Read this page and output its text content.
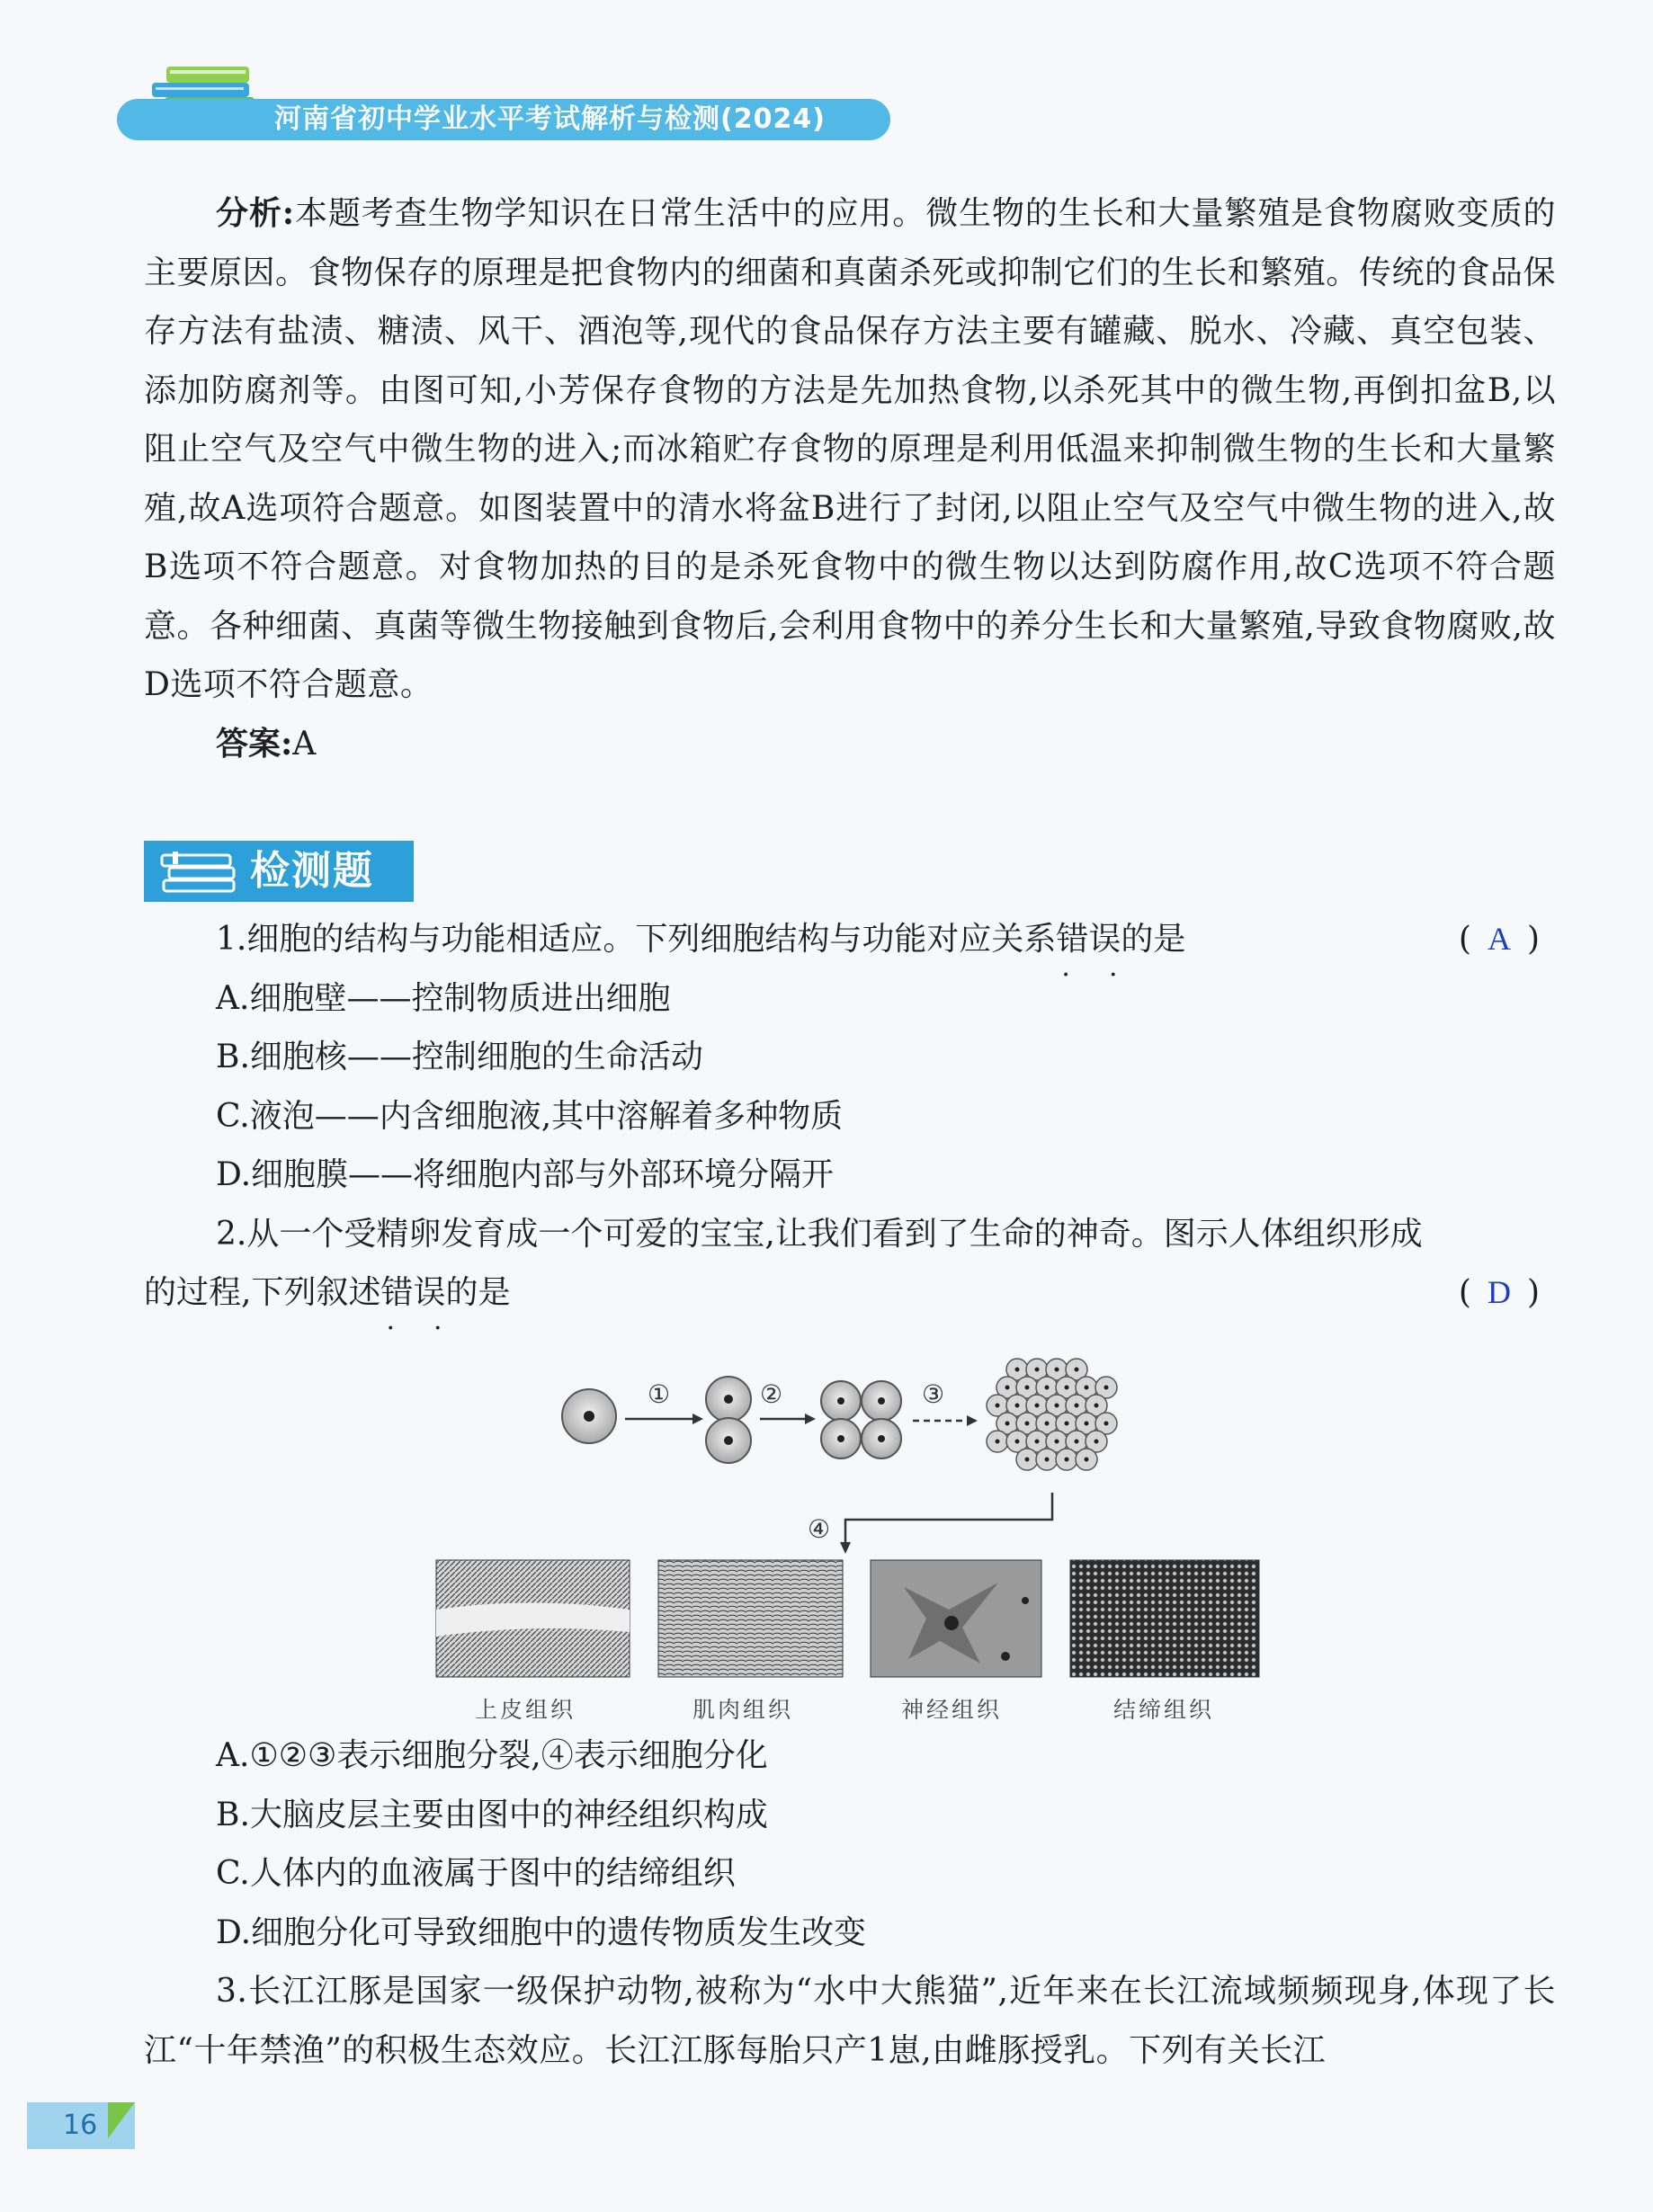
河南省初中学业水平考试解析与检测(2024)

分析:本题考查生物学知识在日常生活中的应用。微生物的生长和大量繁殖是食物腐败变质的主要原因。食物保存的原理是把食物内的细菌和真菌杀死或抑制它们的生长和繁殖。传统的食品保存方法有盐渍、糖渍、风干、酒泡等,现代的食品保存方法主要有罐藏、脱水、冷藏、真空包装、添加防腐剂等。由图可知,小芳保存食物的方法是先加热食物,以杀死其中的微生物,再倒扣盆B,以阻止空气及空气中微生物的进入;而冰箱贮存食物的原理是利用低温来抑制微生物的生长和大量繁殖,故A选项符合题意。如图装置中的清水将盆B进行了封闭,以阻止空气及空气中微生物的进入,故B选项不符合题意。对食物加热的目的是杀死食物中的微生物以达到防腐作用,故C选项不符合题意。各种细菌、真菌等微生物接触到食物后,会利用食物中的养分生长和大量繁殖,导致食物腐败,故D选项不符合题意。

答案:A
检测题
1.细胞的结构与功能相适应。下列细胞结构与功能对应关系错误 ·  ·的是	(A)
A.细胞壁——控制物质进出细胞
B.细胞核——控制细胞的生命活动
C.液泡——内含细胞液,其中溶解着多种物质
D.细胞膜——将细胞内部与外部环境分隔开
2.从一个受精卵发育成一个可爱的宝宝,让我们看到了生命的神奇。图示人体组织形成
的过程,下列叙述错误 ·  ·的是	(D)
①	②	③
④
上皮组织	肌肉组织	神经组织	结缔组织
A.①②③表示细胞分裂,④表示细胞分化
B.大脑皮层主要由图中的神经组织构成
C.人体内的血液属于图中的结缔组织
D.细胞分化可导致细胞中的遗传物质发生改变

3.长江江豚是国家一级保护动物,被称为“水中大熊猫”,近年来在长江流域频频现身,体现了长江“十年禁渔”的积极生态效应。长江江豚每胎只产1崽,由雌豚授乳。下列有关长江

16
